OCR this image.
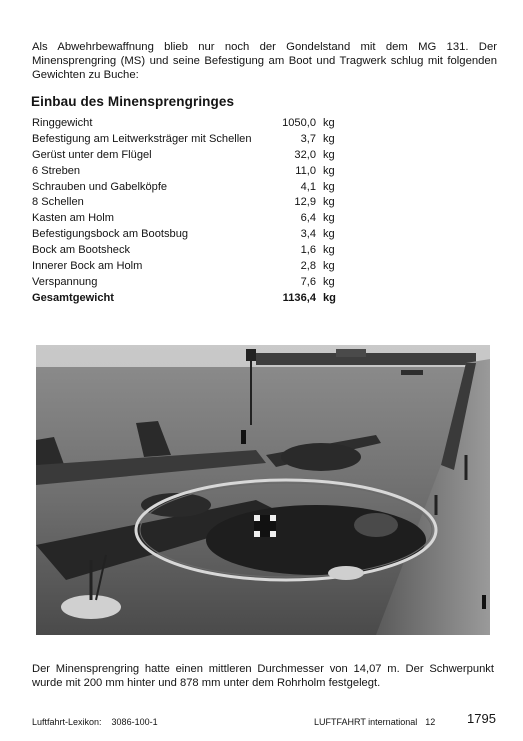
Als Abwehrbewaffnung blieb nur noch der Gondelstand mit dem MG 131. Der Minensprengring (MS) und seine Befestigung am Boot und Tragwerk schlug mit folgenden Gewichten zu Buche:
Einbau des Minensprengringes
Ringgewicht	1050,0 kg
Befestigung am Leitwerksträger mit Schellen	3,7 kg
Gerüst unter dem Flügel	32,0 kg
6 Streben	11,0 kg
Schrauben und Gabelköpfe	4,1 kg
8 Schellen	12,9 kg
Kasten am Holm	6,4 kg
Befestigungsbock am Bootsbug	3,4 kg
Bock am Bootsheck	1,6 kg
Innerer Bock am Holm	2,8 kg
Verspannung	7,6 kg
Gesamtgewicht	1136,4 kg
Der Minensprengring hatte einen mittleren Durchmesser von 14,07 m. Der Schwerpunkt wurde mit 200 mm hinter und 878 mm unter dem Rohrholm festgelegt.
Luftfahrt-Lexikon: 3086-100-1	LUFTFAHRT international 12 1795
